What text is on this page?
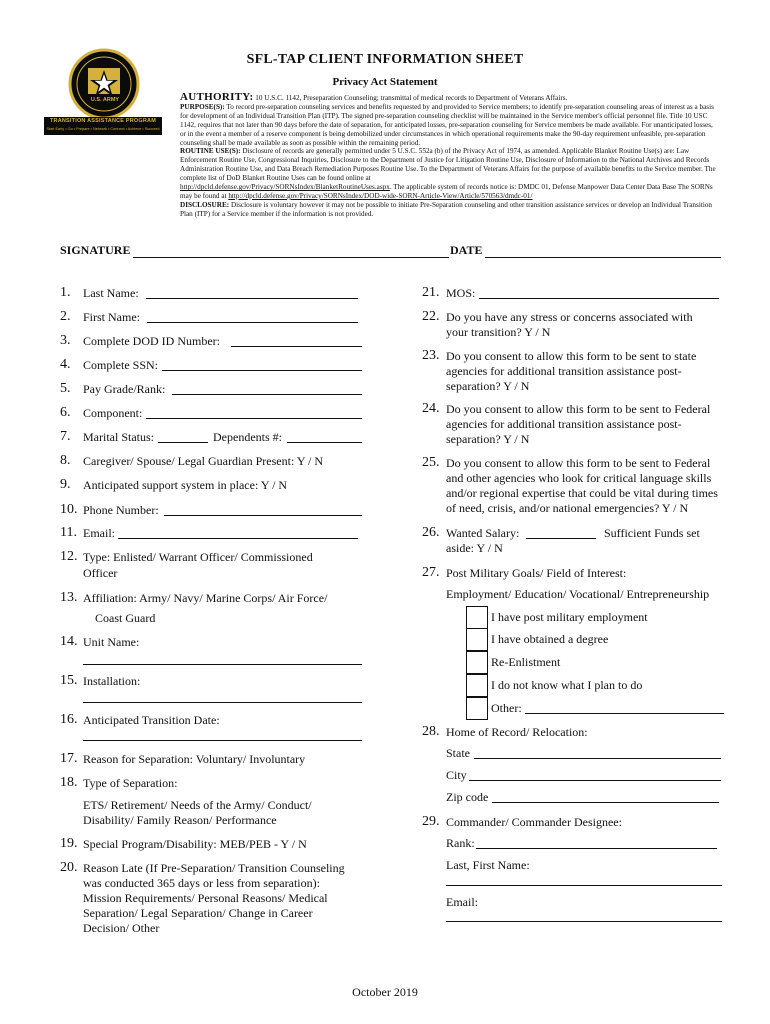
U.S. ARMY
TRANSITION ASSISTANCE PROGRAM
Start Early • Go • Prepare • Network • Connect • Achieve • Succeed
SFL-TAP CLIENT INFORMATION SHEET
Privacy Act Statement
AUTHORITY: 10 U.S.C. 1142, Preseparation Counseling; transmittal of medical records to Department of Veterans Affairs.
PURPOSE(S): To record pre-separation counseling services and benefits requested by and provided to Service members; to identify pre-separation counseling areas of interest as a basis for development of an Individual Transition Plan (ITP). The signed pre-separation counseling checklist will be maintained in the Service member's official personnel file. Title 10 USC 1142, requires that not later than 90 days before the date of separation, for anticipated losses, pre-separation counseling for Service members be made available. For unanticipated losses, or in the event a member of a reserve component is being demobilized under circumstances in which operational requirements make the 90-day requirement unfeasible, pre-separation counseling shall be made available as soon as possible within the remaining period.
ROUTINE USE(S): Disclosure of records are generally permitted under 5 U.S.C. 552a (b) of the Privacy Act of 1974, as amended. Applicable Blanket Routine Use(s) are: Law Enforcement Routine Use, Congressional Inquiries, Disclosure to the Department of Justice for Litigation Routine Use, Disclosure of Information to the National Archives and Records Administration Routine Use, and Data Breach Remediation Purposes Routine Use. To the Department of Veterans Affairs for the purpose of available benefits to the Service member. The complete list of DoD Blanket Routine Uses can be found online at
http://dpcld.defense.gov/Privacy/SORNsIndex/BlanketRoutineUses.aspx. The applicable system of records notice is: DMDC 01, Defense Manpower Data Center Data Base The SORNs may be found at http://dpcld.defense.gov/Privacy/SORNsIndex/DOD-wide-SORN-Article-View/Article/570563/dmdc-01/
DISCLOSURE: Disclosure is voluntary however it may not be possible to initiate Pre-Separation counseling and other transition assistance services or develop an Individual Transition Plan (ITP) for a Service member if the information is not provided.
SIGNATURE	DATE
1. Last Name:
2. First Name:
3. Complete DOD ID Number:
4. Complete SSN:
5. Pay Grade/Rank:
6. Component:
7. Marital Status:	Dependents #:
8. Caregiver/ Spouse/ Legal Guardian Present: Y / N
9. Anticipated support system in place: Y / N
10. Phone Number:
11. Email:
12. Type: Enlisted/ Warrant Officer/ Commissioned
Officer
13. Affiliation: Army/ Navy/ Marine Corps/ Air Force/
Coast Guard
14. Unit Name:
15. Installation:
16. Anticipated Transition Date:
17. Reason for Separation: Voluntary/ Involuntary
18. Type of Separation:
ETS/ Retirement/ Needs of the Army/ Conduct/
Disability/ Family Reason/ Performance
19. Special Program/Disability: MEB/PEB - Y / N
20. Reason Late (If Pre-Separation/ Transition Counseling
was conducted 365 days or less from separation):
Mission Requirements/ Personal Reasons/ Medical
Separation/ Legal Separation/ Change in Career
Decision/ Other
21. MOS:
22. Do you have any stress or concerns associated with
your transition? Y / N
23. Do you consent to allow this form to be sent to state
agencies for additional transition assistance post-
separation? Y / N
24. Do you consent to allow this form to be sent to Federal
agencies for additional transition assistance post-
separation? Y / N
25. Do you consent to allow this form to be sent to Federal
and other agencies who look for critical language skills
and/or regional expertise that could be vital during times
of need, crisis, and/or national emergencies? Y / N
26. Wanted Salary:	Sufficient Funds set
aside: Y / N
27. Post Military Goals/ Field of Interest:
Employment/ Education/ Vocational/ Entrepreneurship
I have post military employment
I have obtained a degree
Re-Enlistment
I do not know what I plan to do
Other:
28. Home of Record/ Relocation:
State
City
Zip code
29. Commander/ Commander Designee:
Rank:
Last, First Name:
Email:
October 2019
